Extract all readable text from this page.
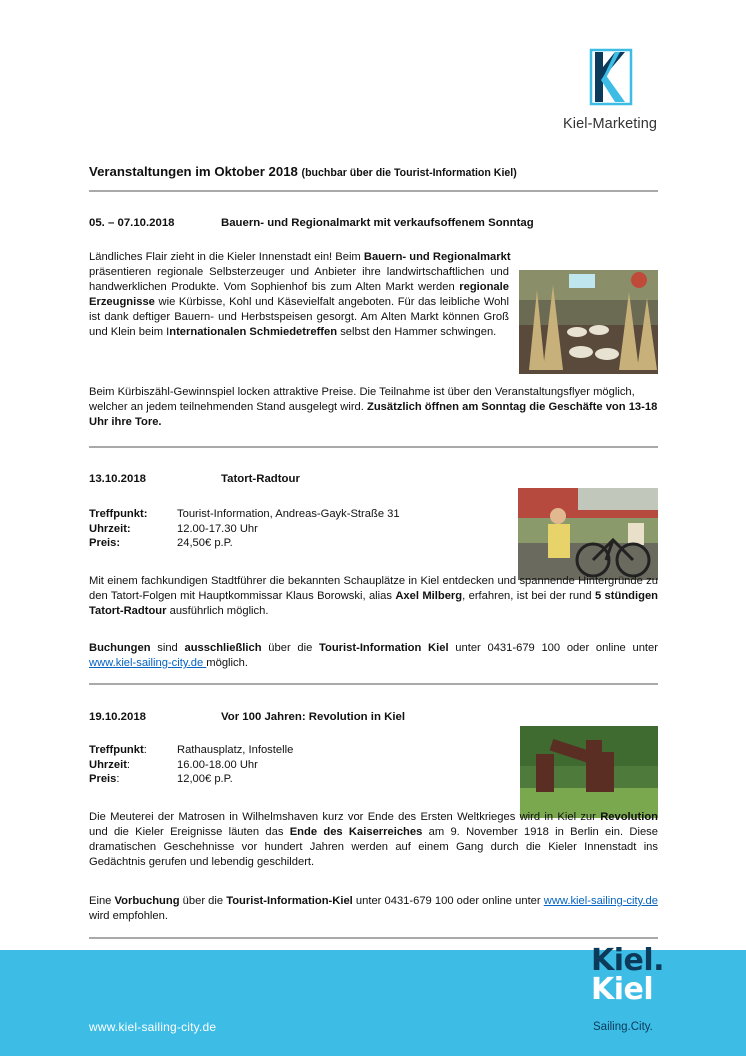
Kiel-Marketing
Veranstaltungen im Oktober 2018 (buchbar über die Tourist-Information Kiel)
05. – 07.10.2018	Bauern- und Regionalmarkt mit verkaufsoffenem Sonntag
Ländliches Flair zieht in die Kieler Innenstadt ein! Beim Bauern- und Regionalmarkt
präsentieren regionale Selbsterzeuger und Anbieter ihre landwirtschaftlichen und handwerklichen Produkte. Vom Sophienhof bis zum Alten Markt werden regionale Erzeugnisse wie Kürbisse, Kohl und Käsevielfalt angeboten. Für das leibliche Wohl ist dank deftiger Bauern- und Herbstspeisen gesorgt. Am Alten Markt können Groß und Klein beim Internationalen Schmiedetreffen selbst den Hammer schwingen.
Beim Kürbiszähl-Gewinnspiel locken attraktive Preise. Die Teilnahme ist über den Veranstaltungsflyer möglich, welcher an jedem teilnehmenden Stand ausgelegt wird. Zusätzlich öffnen am Sonntag die Geschäfte von 13-18 Uhr ihre Tore.
13.10.2018	Tatort-Radtour
Treffpunkt:	Tourist-Information, Andreas-Gayk-Straße 31
Uhrzeit:	12.00-17.30 Uhr
Preis:	24,50€ p.P.
Mit einem fachkundigen Stadtführer die bekannten Schauplätze in Kiel entdecken und spannende Hintergründe zu den Tatort-Folgen mit Hauptkommissar Klaus Borowski, alias Axel Milberg, erfahren, ist bei der rund 5 stündigen Tatort-Radtour ausführlich möglich.
Buchungen sind ausschließlich über die Tourist-Information Kiel unter 0431-679 100 oder online unter www.kiel-sailing-city.de möglich.
19.10.2018	Vor 100 Jahren: Revolution in Kiel
Treffpunkt:	Rathausplatz, Infostelle
Uhrzeit:	16.00-18.00 Uhr
Preis:	12,00€ p.P.
Die Meuterei der Matrosen in Wilhelmshaven kurz vor Ende des Ersten Weltkrieges wird in Kiel zur Revolution und die Kieler Ereignisse läuten das Ende des Kaiserreiches am 9. November 1918 in Berlin ein. Diese dramatischen Geschehnisse vor hundert Jahren werden auf einem Gang durch die Kieler Innenstadt ins Gedächtnis gerufen und lebendig geschildert.
Eine Vorbuchung über die Tourist-Information-Kiel unter 0431-679 100 oder online unter www.kiel-sailing-city.de wird empfohlen.
Kiel.
Kiel
Sailing.City.
www.kiel-sailing-city.de
